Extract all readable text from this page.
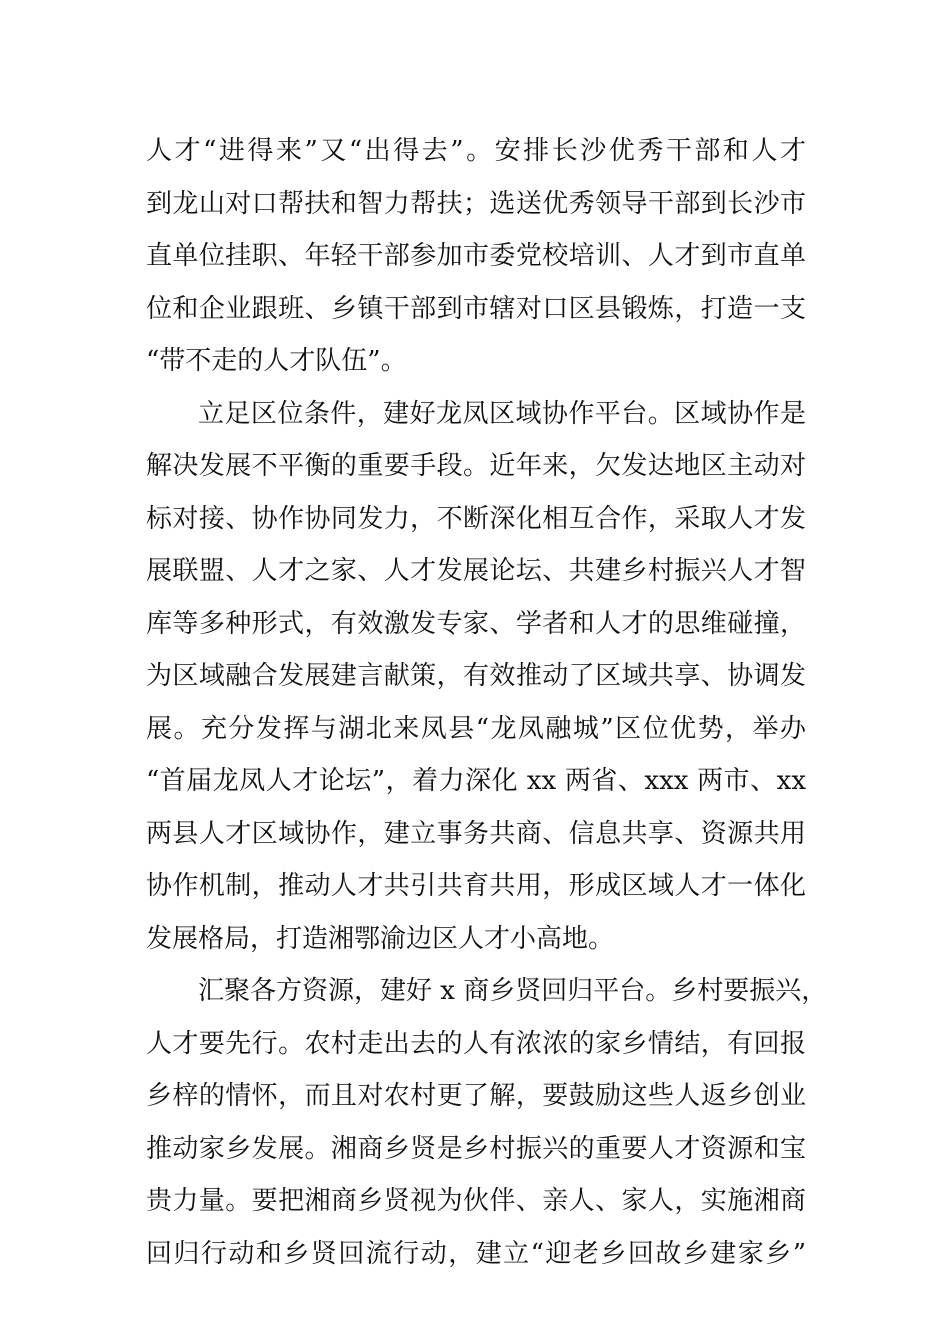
人才“进得来”又“出得去”。安排长沙优秀干部和人才
到龙山对口帮扶和智力帮扶；选送优秀领导干部到长沙市
直单位挂职、年轻干部参加市委党校培训、人才到市直单
位和企业跟班、乡镇干部到市辖对口区县锻炼，打造一支
“带不走的人才队伍”。
立足区位条件，建好龙凤区域协作平台。区域协作是
解决发展不平衡的重要手段。近年来，欠发达地区主动对
标对接、协作协同发力，不断深化相互合作，采取人才发
展联盟、人才之家、人才发展论坛、共建乡村振兴人才智
库等多种形式，有效激发专家、学者和人才的思维碰撞，
为区域融合发展建言献策，有效推动了区域共享、协调发
展。充分发挥与湖北来凤县“龙凤融城”区位优势，举办
“首届龙凤人才论坛”，着力深化 xx 两省、xxx 两市、xx
两县人才区域协作，建立事务共商、信息共享、资源共用
协作机制，推动人才共引共育共用，形成区域人才一体化
发展格局，打造湘鄂渝边区人才小高地。
汇聚各方资源，建好 x 商乡贤回归平台。乡村要振兴，
人才要先行。农村走出去的人有浓浓的家乡情结，有回报
乡梓的情怀，而且对农村更了解，要鼓励这些人返乡创业
推动家乡发展。湘商乡贤是乡村振兴的重要人才资源和宝
贵力量。要把湘商乡贤视为伙伴、亲人、家人，实施湘商
回归行动和乡贤回流行动，建立“迎老乡回故乡建家乡”
